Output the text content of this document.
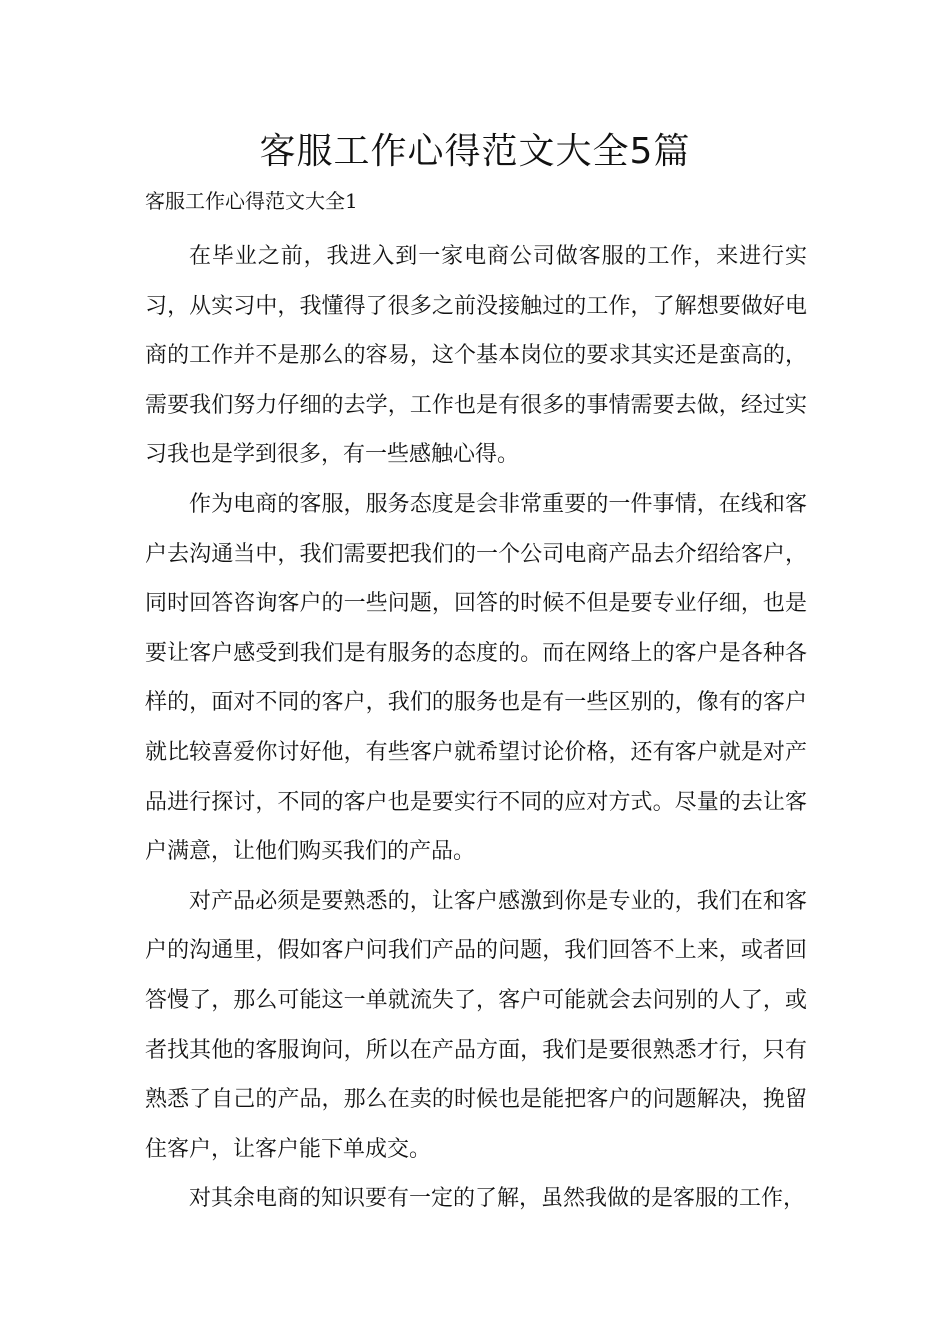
客服工作心得范文大全5篇

客服工作心得范文大全1

在毕业之前，我进入到一家电商公司做客服的工作，来进行实习，从实习中，我懂得了很多之前没接触过的工作，了解想要做好电商的工作并不是那么的容易，这个基本岗位的要求其实还是蛮高的，需要我们努力仔细的去学，工作也是有很多的事情需要去做，经过实习我也是学到很多，有一些感触心得。

作为电商的客服，服务态度是会非常重要的一件事情，在线和客户去沟通当中，我们需要把我们的一个公司电商产品去介绍给客户，同时回答咨询客户的一些问题，回答的时候不但是要专业仔细，也是要让客户感受到我们是有服务的态度的。而在网络上的客户是各种各样的，面对不同的客户，我们的服务也是有一些区别的，像有的客户就比较喜爱你讨好他，有些客户就希望讨论价格，还有客户就是对产品进行探讨，不同的客户也是要实行不同的应对方式。尽量的去让客户满意，让他们购买我们的产品。

对产品必须是要熟悉的，让客户感激到你是专业的，我们在和客户的沟通里，假如客户问我们产品的问题，我们回答不上来，或者回答慢了，那么可能这一单就流失了，客户可能就会去问别的人了，或者找其他的客服询问，所以在产品方面，我们是要很熟悉才行，只有熟悉了自己的产品，那么在卖的时候也是能把客户的问题解决，挽留住客户，让客户能下单成交。

对其余电商的知识要有一定的了解，虽然我做的是客服的工作，
